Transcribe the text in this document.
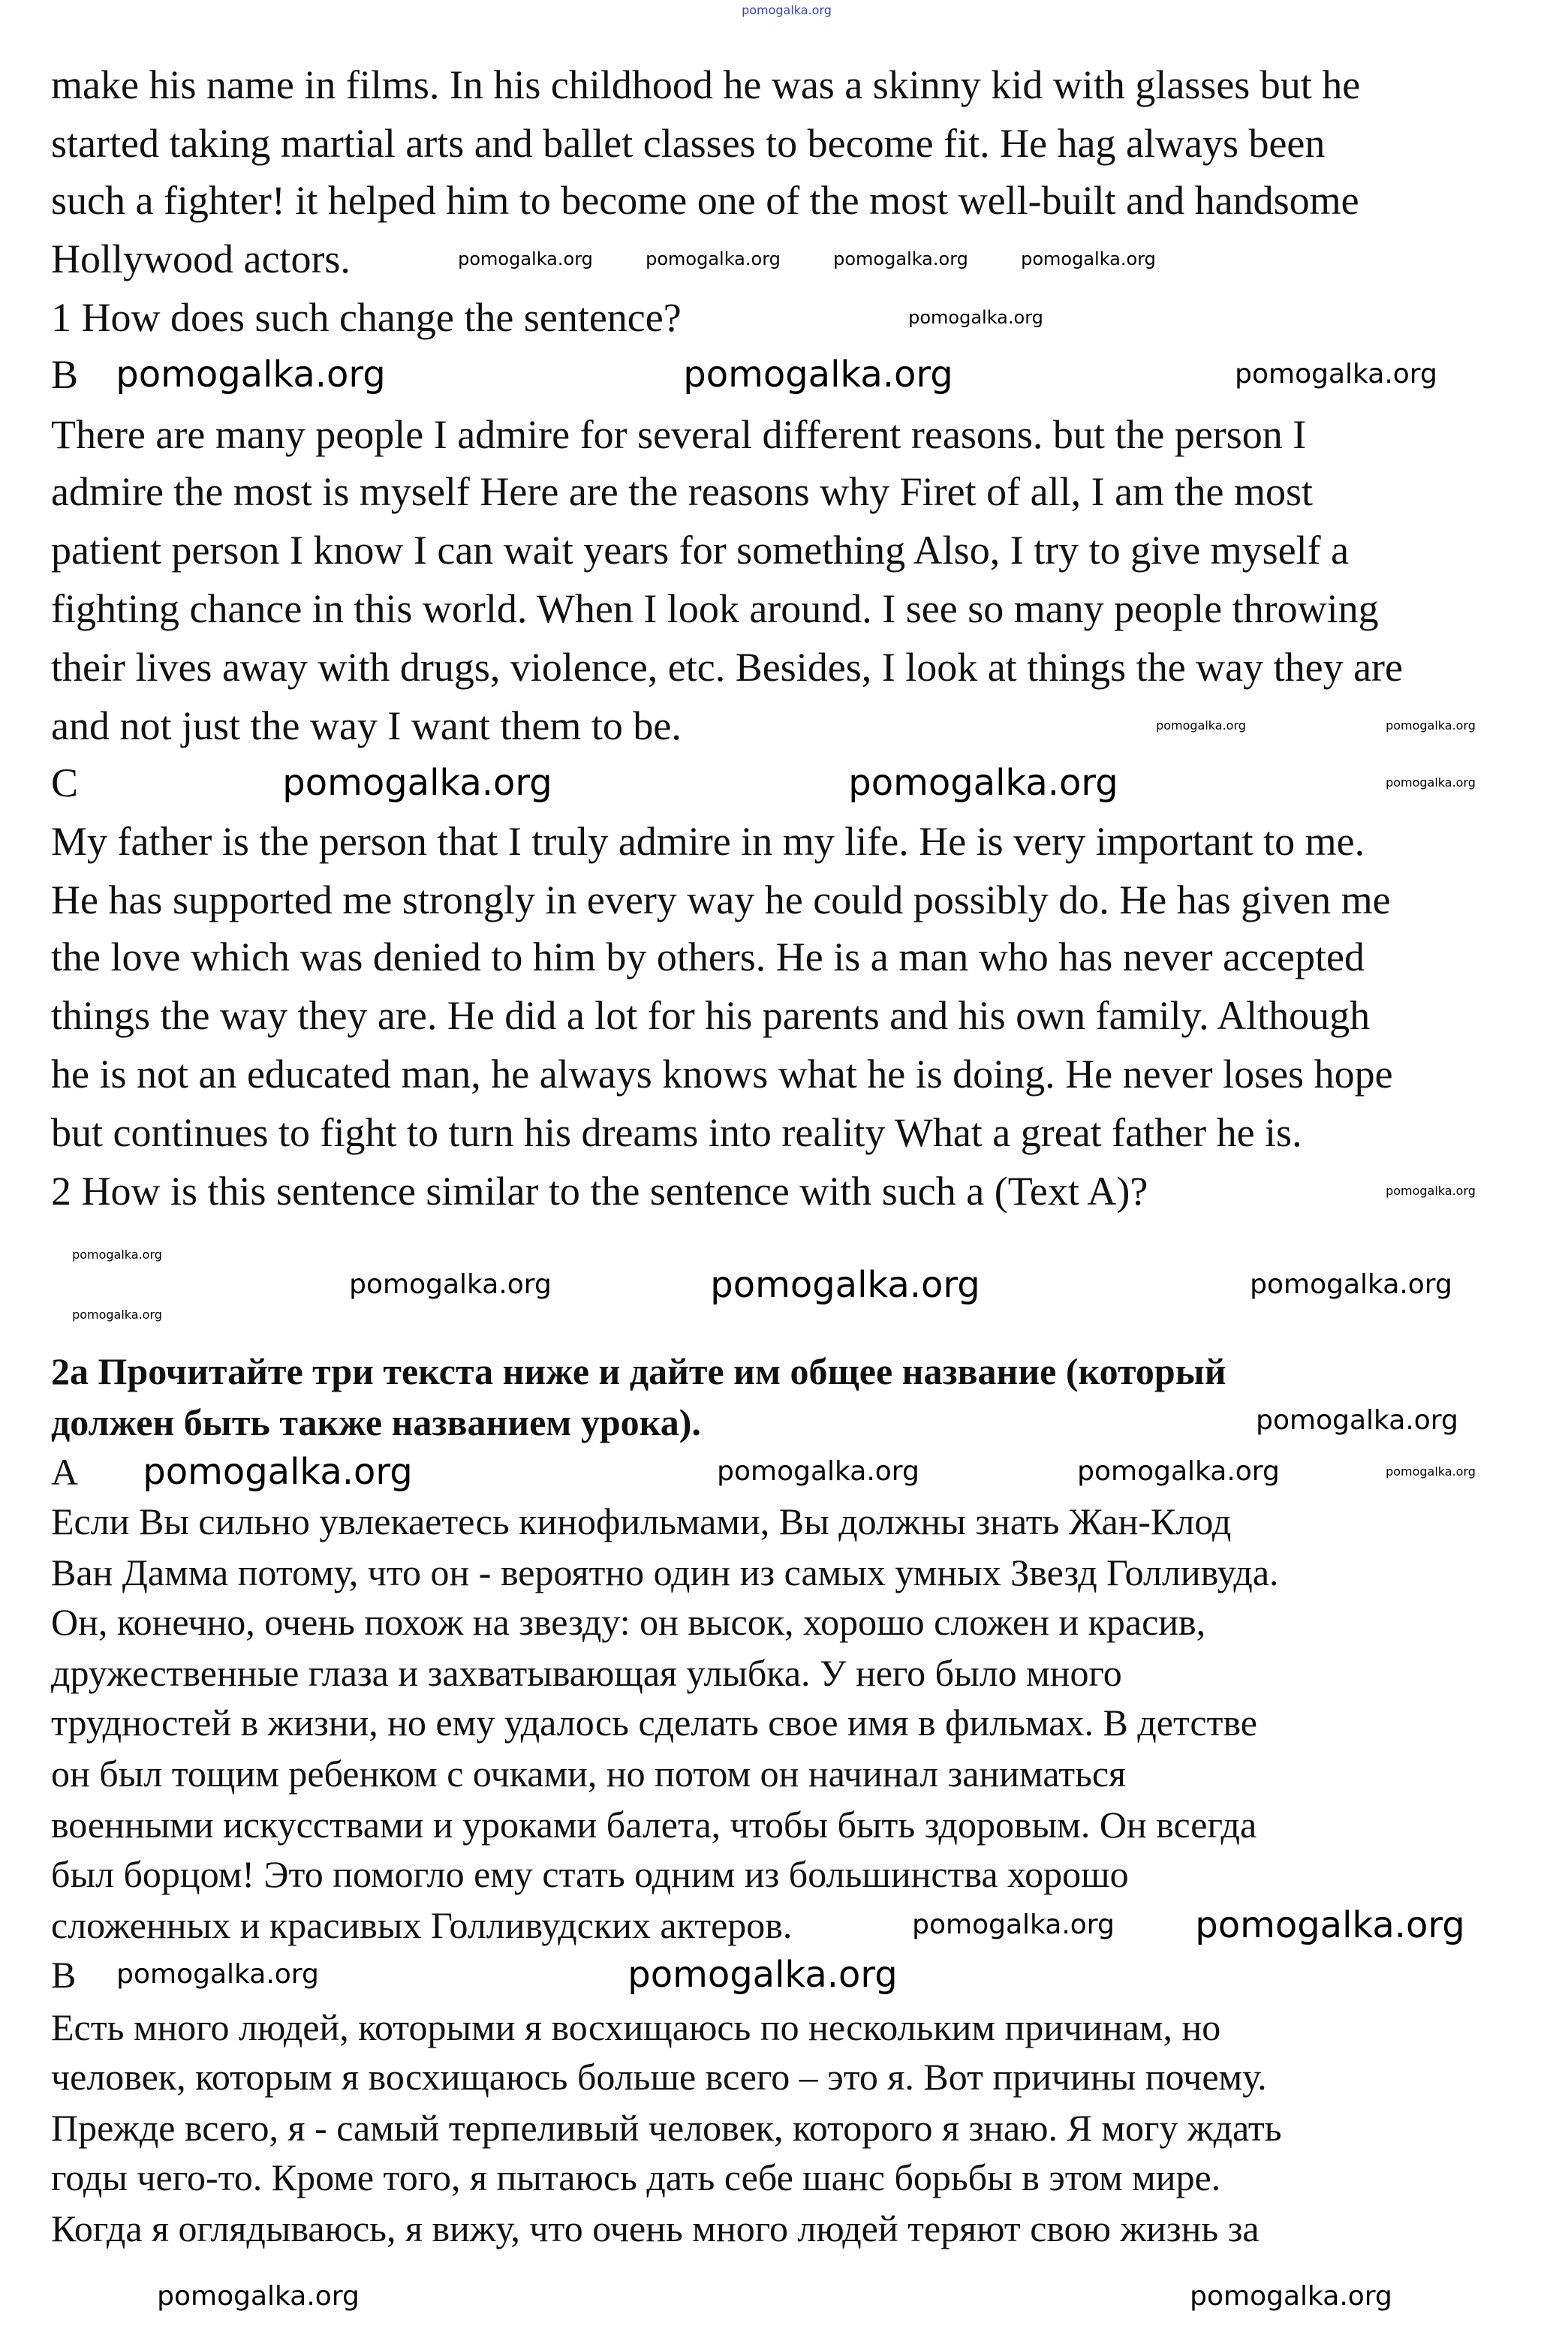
make his name in films. In his childhood he was a skinny kid with glasses but he
started taking martial arts and ballet classes to become fit. He hag always been
such a fighter! it helped him to become one of the most well-built and handsome
Hollywood actors.
1 How does such change the sentence?
B
There are many people I admire for several different reasons. but the person I
admire the most is myself Here are the reasons why Firet of all, I am the most
patient person I know I can wait years for something Also, I try to give myself a
fighting chance in this world. When I look around. I see so many people throwing
their lives away with drugs, violence, etc. Besides, I look at things the way they are
and not just the way I want them to be.
C
My father is the person that I truly admire in my life. He is very important to me.
He has supported me strongly in every way he could possibly do. He has given me
the love which was denied to him by others. He is a man who has never accepted
things the way they are. He did a lot for his parents and his own family. Although
he is not an educated man, he always knows what he is doing. He never loses hope
but continues to fight to turn his dreams into reality What a great father he is.
2 How is this sentence similar to the sentence with such a (Text A)?
2а Прочитайте три текста ниже и дайте им общее название (который
должен быть также названием урока).
A
Если Вы сильно увлекаетесь кинофильмами, Вы должны знать Жан-Клод
Ван Дамма потому, что он - вероятно один из самых умных Звезд Голливуда.
Он, конечно, очень похож на звезду: он высок, хорошо сложен и красив,
дружественные глаза и захватывающая улыбка. У него было много
трудностей в жизни, но ему удалось сделать свое имя в фильмах. В детстве
он был тощим ребенком с очками, но потом он начинал заниматься
военными искусствами и уроками балета, чтобы быть здоровым. Он всегда
был борцом! Это помогло ему стать одним из большинства хорошо
сложенных и красивых Голливудских актеров.
B
Есть много людей, которыми я восхищаюсь по нескольким причинам, но
человек, которым я восхищаюсь больше всего – это я. Вот причины почему.
Прежде всего, я - самый терпеливый человек, которого я знаю. Я могу ждать
годы чего-то. Кроме того, я пытаюсь дать себе шанс борьбы в этом мире.
Когда я оглядываюсь, я вижу, что очень много людей теряют свою жизнь за
pomogalka.org
pomogalka.org	pomogalka.org	pomogalka.org	pomogalka.org
pomogalka.org
pomogalka.org	pomogalka.org	pomogalka.org
pomogalka.org	pomogalka.org
pomogalka.org	pomogalka.org	pomogalka.org
pomogalka.org
pomogalka.org
pomogalka.org	pomogalka.org	pomogalka.org
pomogalka.org
pomogalka.org
pomogalka.org	pomogalka.org	pomogalka.org	pomogalka.org
pomogalka.org pomogalka.org
pomogalka.org	pomogalka.org
pomogalka.org	pomogalka.org
